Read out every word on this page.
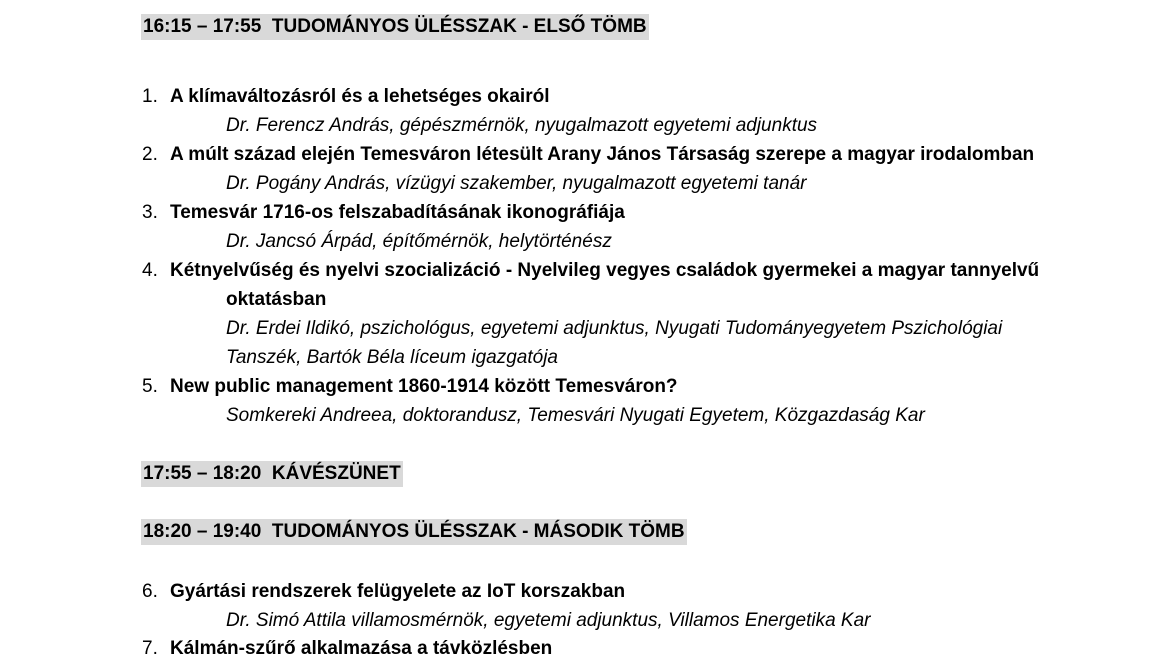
16:15 – 17:55 TUDOMÁNYOS ÜLÉSSZAK - ELSŐ TÖMB
1. A klímaváltozásról és a lehetséges okairól
Dr. Ferencz András, gépészmérnök, nyugalmazott egyetemi adjunktus
2. A múlt század elején Temesváron létesült Arany János Társaság szerepe a magyar irodalomban
Dr. Pogány András, vízügyi szakember, nyugalmazott egyetemi tanár
3. Temesvár 1716-os felszabadításának ikonográfiája
Dr. Jancsó Árpád, építőmérnök, helytörténész
4. Kétnyelvűség és nyelvi szocializáció - Nyelvileg vegyes családok gyermekei a magyar tannyelvű
oktatásban
Dr. Erdei Ildikó, pszichológus, egyetemi adjunktus, Nyugati Tudományegyetem Pszichológiai
Tanszék, Bartók Béla líceum igazgatója
5. New public management 1860-1914 között Temesváron?
Somkereki Andreea, doktorandusz, Temesvári Nyugati Egyetem, Közgazdaság Kar
17:55 – 18:20 KÁVÉSZÜNET
18:20 – 19:40 TUDOMÁNYOS ÜLÉSSZAK - MÁSODIK TÖMB
6. Gyártási rendszerek felügyelete az IoT korszakban
Dr. Simó Attila villamosmérnök, egyetemi adjunktus, Villamos Energetika Kar
7. Kálmán-szűrő alkalmazása a távközlésben
